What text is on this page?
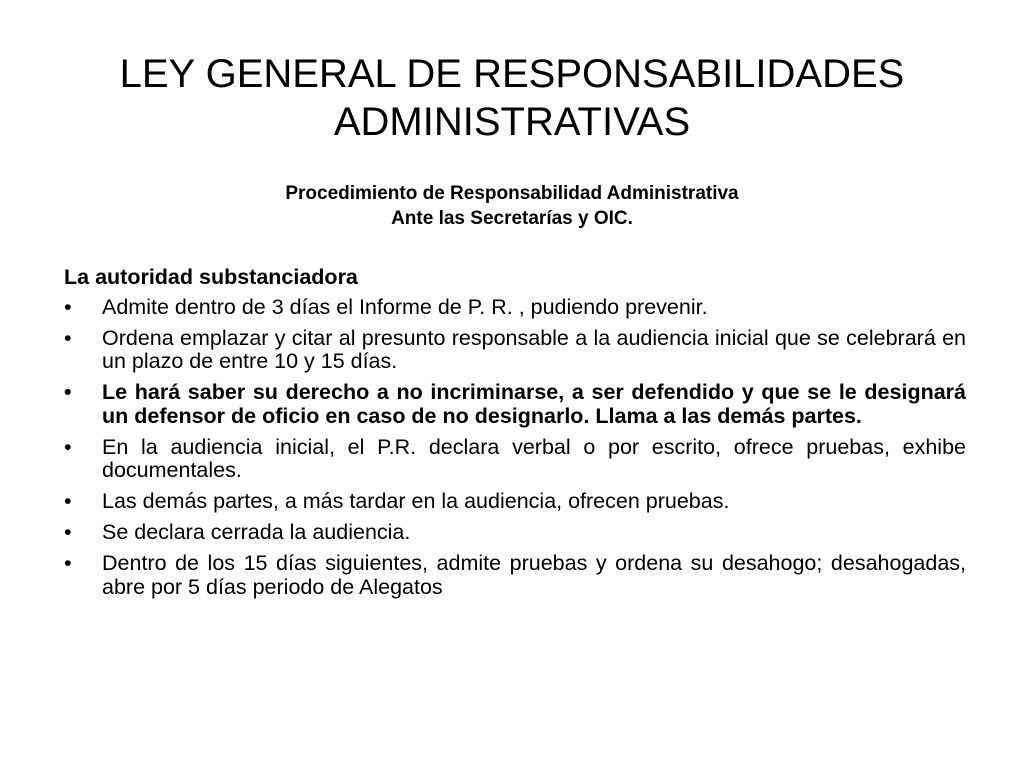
LEY GENERAL DE RESPONSABILIDADES
ADMINISTRATIVAS
Procedimiento de Responsabilidad Administrativa
Ante las Secretarías y OIC.

La autoridad substanciadora

•	Admite dentro de 3 días el Informe de P. R. , pudiendo prevenir.
•	Ordena emplazar y citar al presunto responsable a la audiencia inicial que se celebrará en un plazo de entre 10 y 15 días.
•	Le hará saber su derecho a no incriminarse, a ser defendido y que se le designará un defensor de oficio en caso de no designarlo. Llama a las demás partes.
•	En la audiencia inicial, el P.R. declara verbal o por escrito, ofrece pruebas, exhibe documentales.
•	Las demás partes, a más tardar en la audiencia, ofrecen pruebas.
•	Se declara cerrada la audiencia.
•	Dentro de los 15 días siguientes, admite pruebas y ordena su desahogo; desahogadas, abre por 5 días periodo de Alegatos
